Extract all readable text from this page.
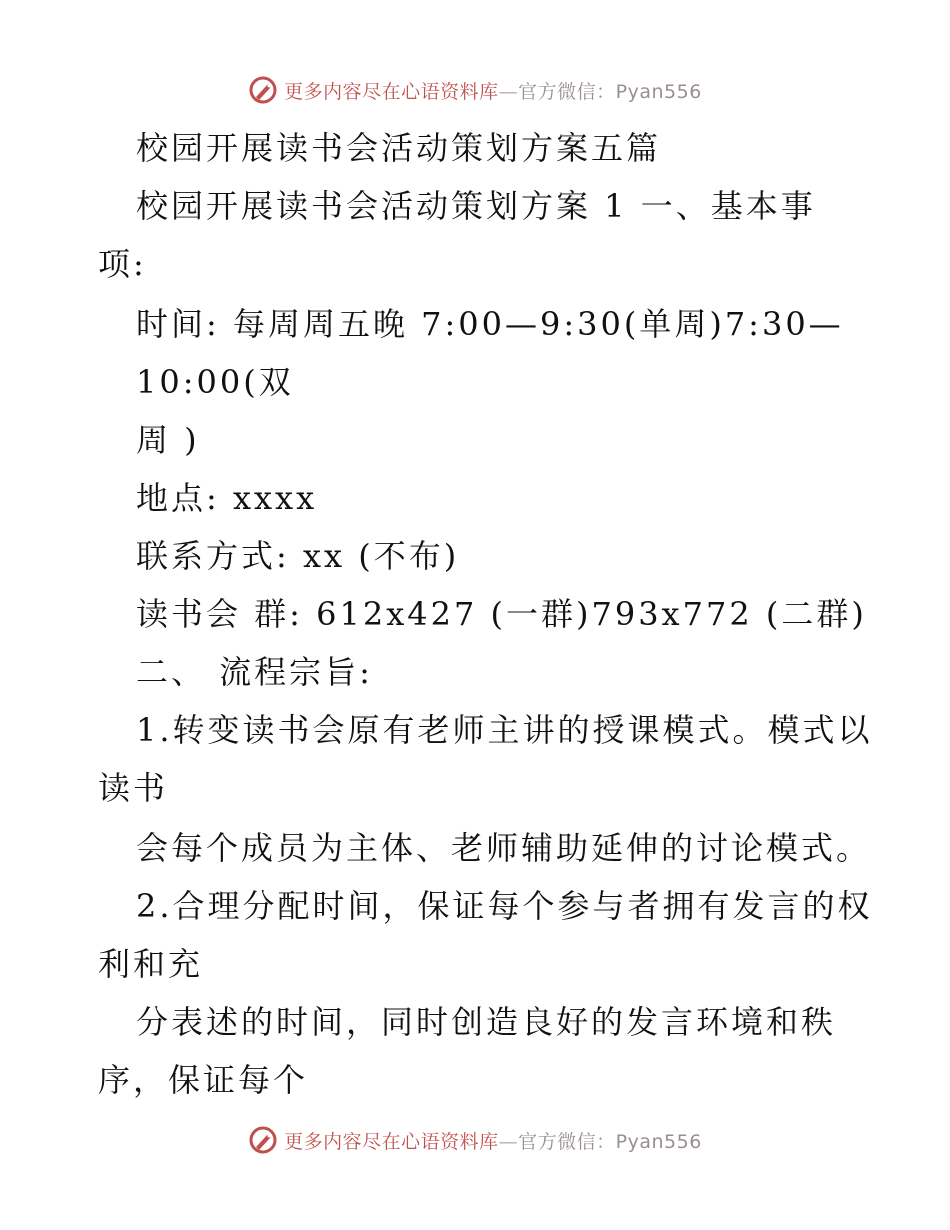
更多内容尽在心语资料库—官方微信：Pyan556
校园开展读书会活动策划方案五篇
校园开展读书会活动策划方案 1 一、基本事
项:
时间: 每周周五晚 7:00—9:30(单周)7:30—
10:00(双
周 )
地点: xxxx
联系方式: xx (不布)
读书会 群: 612x427 (一群)793x772 (二群)
二、 流程宗旨:
1.转变读书会原有老师主讲的授课模式。模式以
读书
会每个成员为主体、老师辅助延伸的讨论模式。
2.合理分配时间，保证每个参与者拥有发言的权
利和充
分表述的时间，同时创造良好的发言环境和秩
序，保证每个
更多内容尽在心语资料库—官方微信：Pyan556
